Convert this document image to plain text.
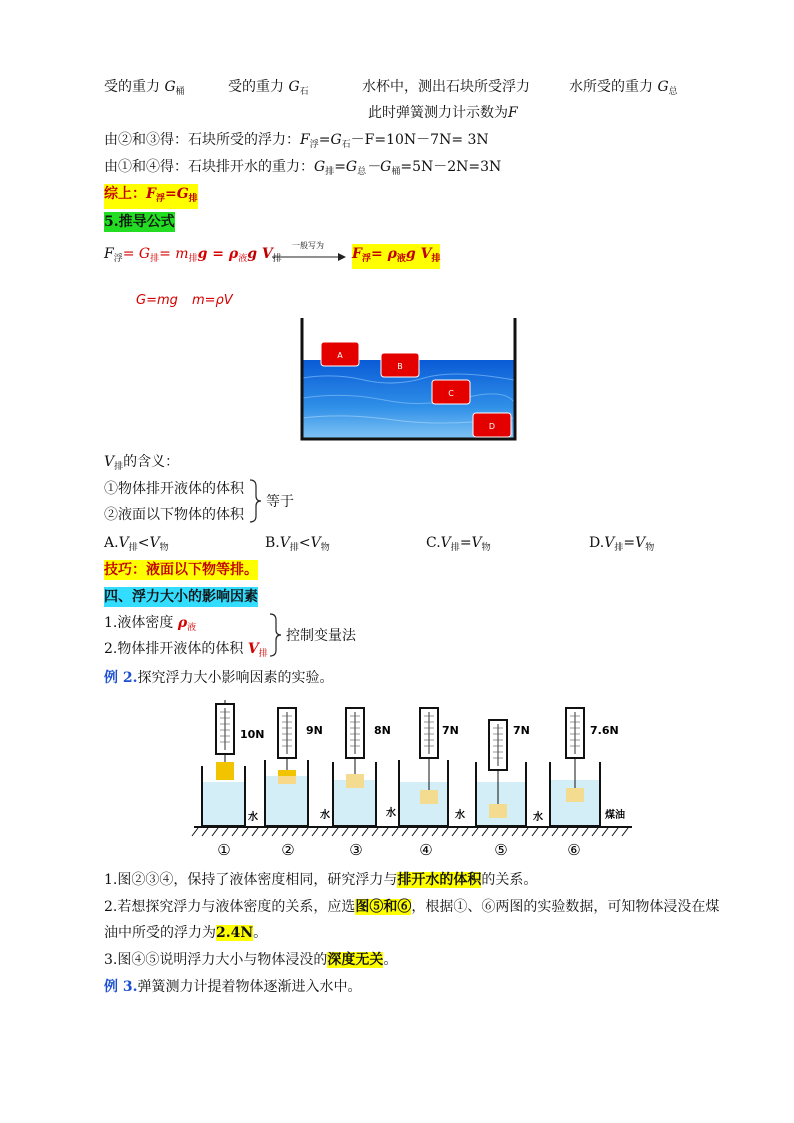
受的重力 $G_桶$	受的重力 $G_石$	水杯中，测出石块所受浮力	水所受的重力 $G_总$
此时弹簧测力计示数为F
由②和③得：石块所受的浮力：$F_浮=G_石-F=10N-7N= 3N$
由①和④得：石块排开水的重力：$G_排=G_总-G_桶=5N-2N=3N$
综上：$F_浮=G_排$
5.推导公式
$F_浮= G_排= m_排g = \rho_液g$ $V_排$
一般写为
$F_浮= \rho_液g$ $V_排$
G=mg m=ρV
A
B
C
D
$V_排$的含义：
①物体排开液体的体积
②液面以下物体的体积
等于
$A.V_排<V_物$	$B.V_排<V_物$	$C.V_排=V_物$	$D.V_排=V_物$
技巧：液面以下物等排。
四、浮力大小的影响因素
1.液体密度 $\rho_液$
2.物体排开液体的体积 $V_排$
控制变量法
例 2.探究浮力大小影响因素的实验。
10N	9N	8N	7N	7N	7.6N
水	水	水	水	水	煤油
①	②	③	④	⑤	⑥
1.图②③④，保持了液体密度相同，研究浮力与排开水的体积的关系。
2.若想探究浮力与液体密度的关系，应选图⑤和⑥，根据①、⑥两图的实验数据，可知物体浸没在煤
油中所受的浮力为2.4N。
3.图④⑤说明浮力大小与物体浸没的深度无关。
例 3.弹簧测力计提着物体逐渐进入水中。
